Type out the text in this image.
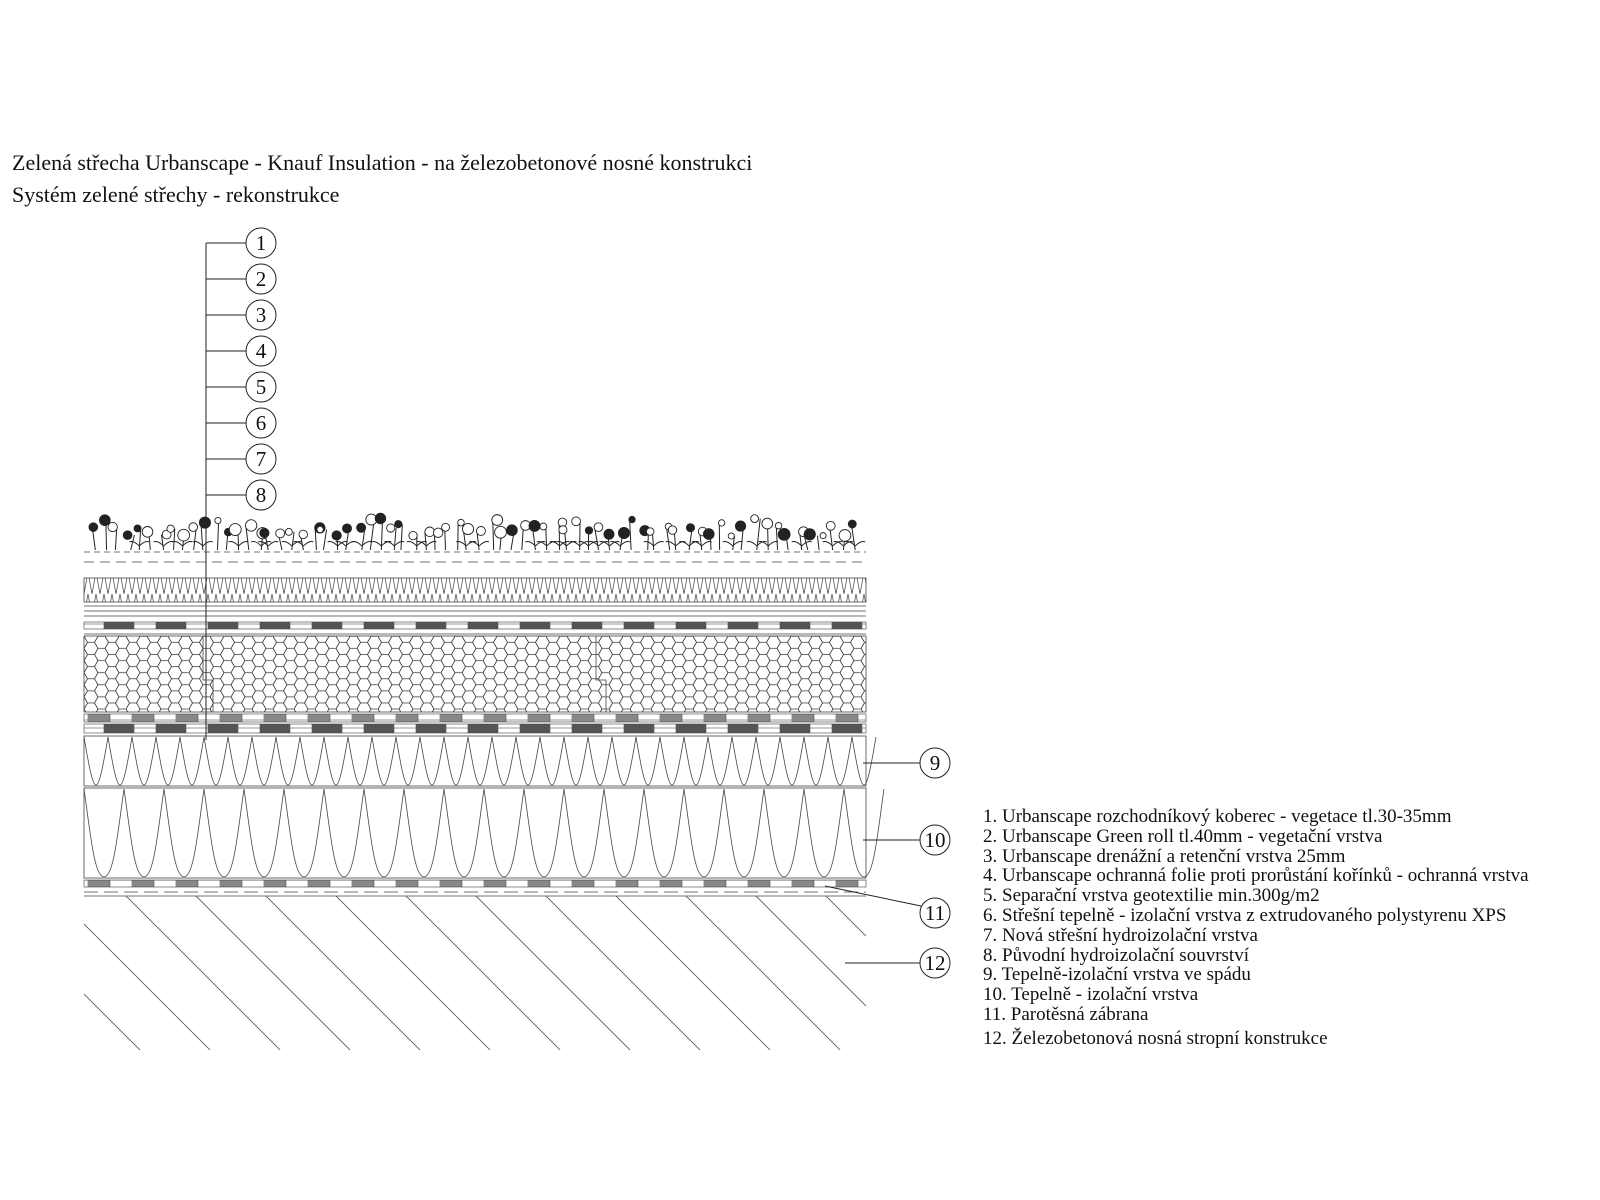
Zelená střecha Urbanscape - Knauf Insulation - na železobetonové nosné konstrukci
Systém zelené střechy - rekonstrukce
1
2
3
4
5
6
7
8
9
10
11
12
1. Urbanscape rozchodníkový koberec - vegetace tl.30-35mm
2. Urbanscape Green roll tl.40mm - vegetační vrstva
3. Urbanscape drenážní a retenční vrstva 25mm
4. Urbanscape ochranná folie proti prorůstání kořínků - ochranná vrstva
5. Separační vrstva geotextilie min.300g/m2
6. Střešní tepelně - izolační vrstva z extrudovaného polystyrenu XPS
7. Nová střešní hydroizolační vrstva
8. Původní hydroizolační souvrství
9. Tepelně-izolační vrstva ve spádu
10. Tepelně - izolační vrstva
11. Parotěsná zábrana
12. Železobetonová nosná stropní konstrukce
